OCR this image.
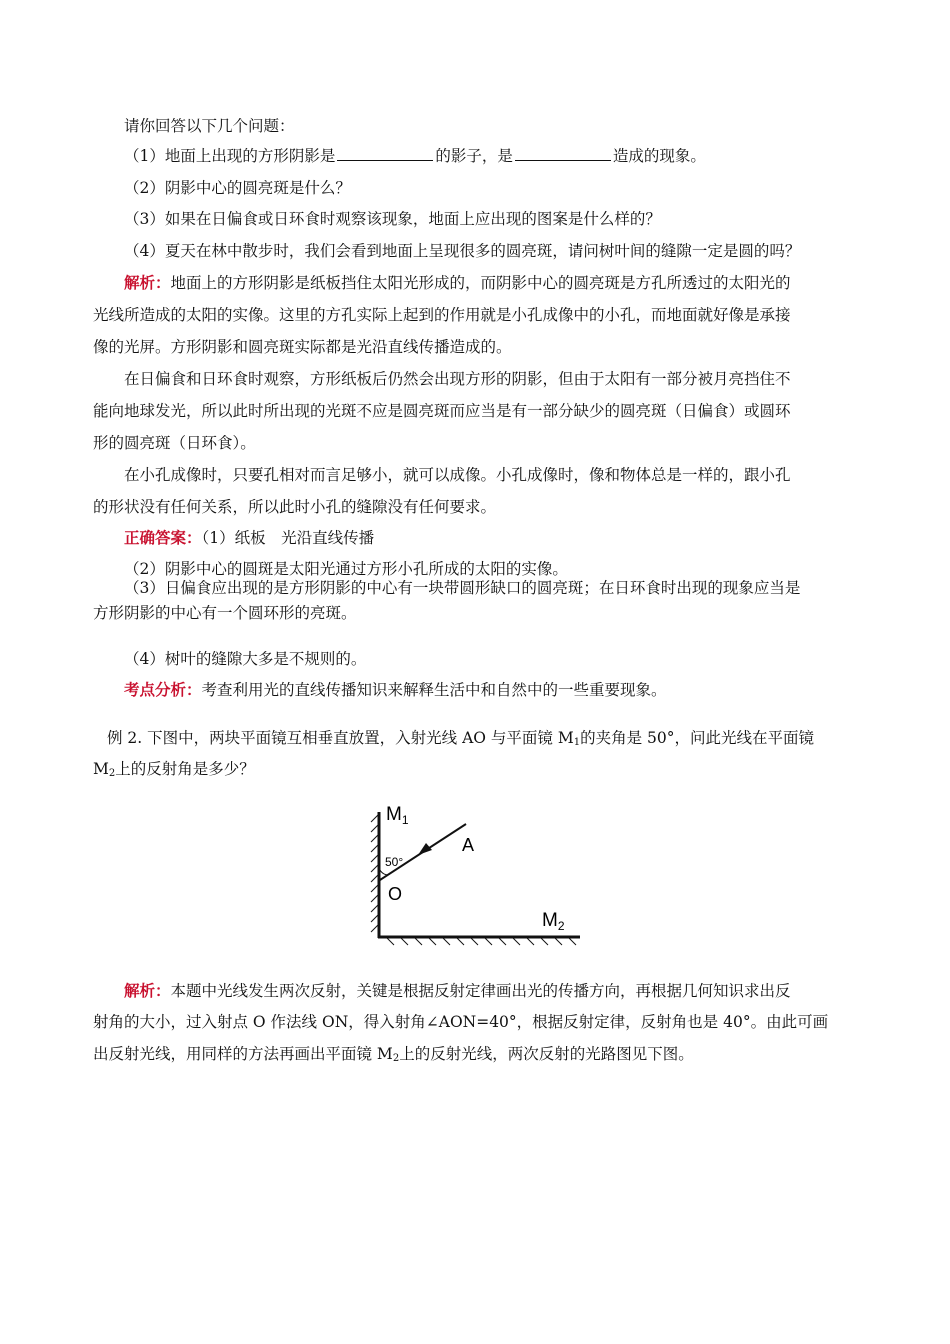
请你回答以下几个问题：
（1）地面上出现的方形阴影是	的影子，是	造成的现象。
（2）阴影中心的圆亮斑是什么？
（3）如果在日偏食或日环食时观察该现象，地面上应出现的图案是什么样的？
（4）夏天在林中散步时，我们会看到地面上呈现很多的圆亮斑，请问树叶间的缝隙一定是圆的吗？
解析：地面上的方形阴影是纸板挡住太阳光形成的，而阴影中心的圆亮斑是方孔所透过的太阳光的
光线所造成的太阳的实像。这里的方孔实际上起到的作用就是小孔成像中的小孔，而地面就好像是承接
像的光屏。方形阴影和圆亮斑实际都是光沿直线传播造成的。
在日偏食和日环食时观察，方形纸板后仍然会出现方形的阴影，但由于太阳有一部分被月亮挡住不
能向地球发光，所以此时所出现的光斑不应是圆亮斑而应当是有一部分缺少的圆亮斑（日偏食）或圆环
形的圆亮斑（日环食）。
在小孔成像时，只要孔相对而言足够小，就可以成像。小孔成像时，像和物体总是一样的，跟小孔
的形状没有任何关系，所以此时小孔的缝隙没有任何要求。
正确答案：（1）纸板　光沿直线传播
（2）阴影中心的圆斑是太阳光通过方形小孔所成的太阳的实像。
（3）日偏食应出现的是方形阴影的中心有一块带圆形缺口的圆亮斑；在日环食时出现的现象应当是
方形阴影的中心有一个圆环形的亮斑。
（4）树叶的缝隙大多是不规则的。
考点分析：考查利用光的直线传播知识来解释生活中和自然中的一些重要现象。
例 2. 下图中，两块平面镜互相垂直放置，入射光线 AO 与平面镜 $M_1$的夹角是 50°，问此光线在平面镜
$M_2$上的反射角是多少？
50°
O
A
$M_1$
$M_2$
解析：本题中光线发生两次反射，关键是根据反射定律画出光的传播方向，再根据几何知识求出反
射角的大小，过入射点 O 作法线 ON，得入射角∠AON=40°，根据反射定律，反射角也是 40°。由此可画
出反射光线，用同样的方法再画出平面镜 $M_2$上的反射光线，两次反射的光路图见下图。
